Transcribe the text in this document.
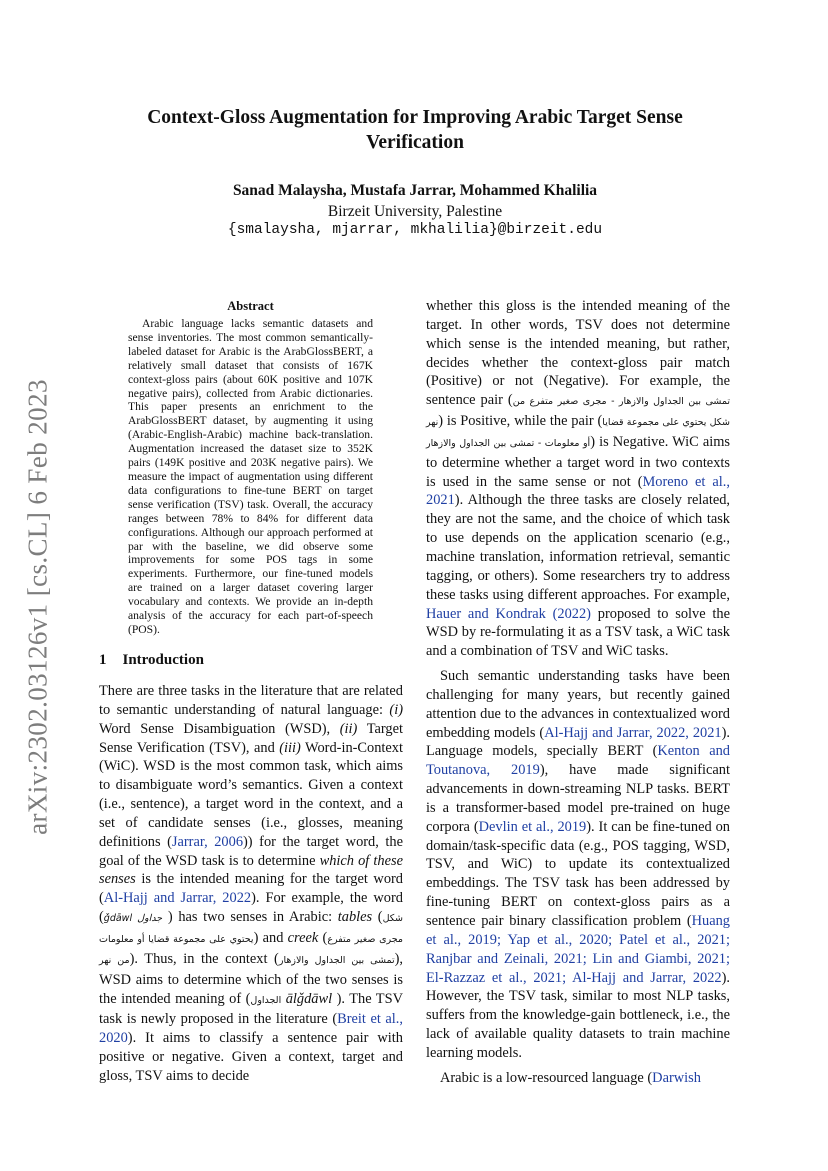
arXiv:2302.03126v1 [cs.CL] 6 Feb 2023
Context-Gloss Augmentation for Improving Arabic Target Sense Verification
Sanad Malaysha, Mustafa Jarrar, Mohammed Khalilia
Birzeit University, Palestine
{smalaysha, mjarrar, mkhalilia}@birzeit.edu
Abstract

Arabic language lacks semantic datasets and sense inventories. The most common semantically-labeled dataset for Arabic is the ArabGlossBERT, a relatively small dataset that consists of 167K context-gloss pairs (about 60K positive and 107K negative pairs), collected from Arabic dictionaries. This paper presents an enrichment to the ArabGlossBERT dataset, by augmenting it using (Arabic-English-Arabic) machine back-translation. Augmentation increased the dataset size to 352K pairs (149K positive and 203K negative pairs). We measure the impact of augmentation using different data configurations to fine-tune BERT on target sense verification (TSV) task. Overall, the accuracy ranges between 78% to 84% for different data configurations. Although our approach performed at par with the baseline, we did observe some improvements for some POS tags in some experiments. Furthermore, our fine-tuned models are trained on a larger dataset covering larger vocabulary and contexts. We provide an in-depth analysis of the accuracy for each part-of-speech (POS).

1 Introduction

There are three tasks in the literature that are related to semantic understanding of natural language: (i) Word Sense Disambiguation (WSD), (ii) Target Sense Verification (TSV), and (iii) Word-in-Context (WiC). WSD is the most common task, which aims to disambiguate word’s semantics. Given a context (i.e., sentence), a target word in the context, and a set of candidate senses (i.e., glosses, meaning definitions (Jarrar, 2006)) for the target word, the goal of the WSD task is to determine which of these senses is the intended meaning for the target word (Al-Hajj and Jarrar, 2022). For example, the word (جداول ǧdāwl ) has two senses in Arabic: tables (شكل يحتوي على مجموعة قضايا أو معلومات) and creek (مجرى صغير متفرع من نهر). Thus, in the context (تمشى بين الجداول والازهار), WSD aims to determine which of the two senses is the intended meaning of (الجداول ālǧdāwl ). The TSV task is newly proposed in the literature (Breit et al., 2020). It aims to classify a sentence pair with positive or negative. Given a context, target and gloss, TSV aims to decide

whether this gloss is the intended meaning of the target. In other words, TSV does not determine which sense is the intended meaning, but rather, decides whether the context-gloss pair match (Positive) or not (Negative). For example, the sentence pair (تمشى بين الجداول والازهار - مجرى صغير متفرع من نهر) is Positive, while the pair (شكل يحتوي على مجموعة قضايا أو معلومات - تمشى بين الجداول والازهار) is Negative. WiC aims to determine whether a target word in two contexts is used in the same sense or not (Moreno et al., 2021). Although the three tasks are closely related, they are not the same, and the choice of which task to use depends on the application scenario (e.g., machine translation, information retrieval, semantic tagging, or others). Some researchers try to address these tasks using different approaches. For example, Hauer and Kondrak (2022) proposed to solve the WSD by re-formulating it as a TSV task, a WiC task and a combination of TSV and WiC tasks.

Such semantic understanding tasks have been challenging for many years, but recently gained attention due to the advances in contextualized word embedding models (Al-Hajj and Jarrar, 2022, 2021). Language models, specially BERT (Kenton and Toutanova, 2019), have made significant advancements in down-streaming NLP tasks. BERT is a transformer-based model pre-trained on huge corpora (Devlin et al., 2019). It can be fine-tuned on domain/task-specific data (e.g., POS tagging, WSD, TSV, and WiC) to update its contextualized embeddings. The TSV task has been addressed by fine-tuning BERT on context-gloss pairs as a sentence pair binary classification problem (Huang et al., 2019; Yap et al., 2020; Patel et al., 2021; Ranjbar and Zeinali, 2021; Lin and Giambi, 2021; El-Razzaz et al., 2021; Al-Hajj and Jarrar, 2022). However, the TSV task, similar to most NLP tasks, suffers from the knowledge-gain bottleneck, i.e., the lack of available quality datasets to train machine learning models.

Arabic is a low-resourced language (Darwish
